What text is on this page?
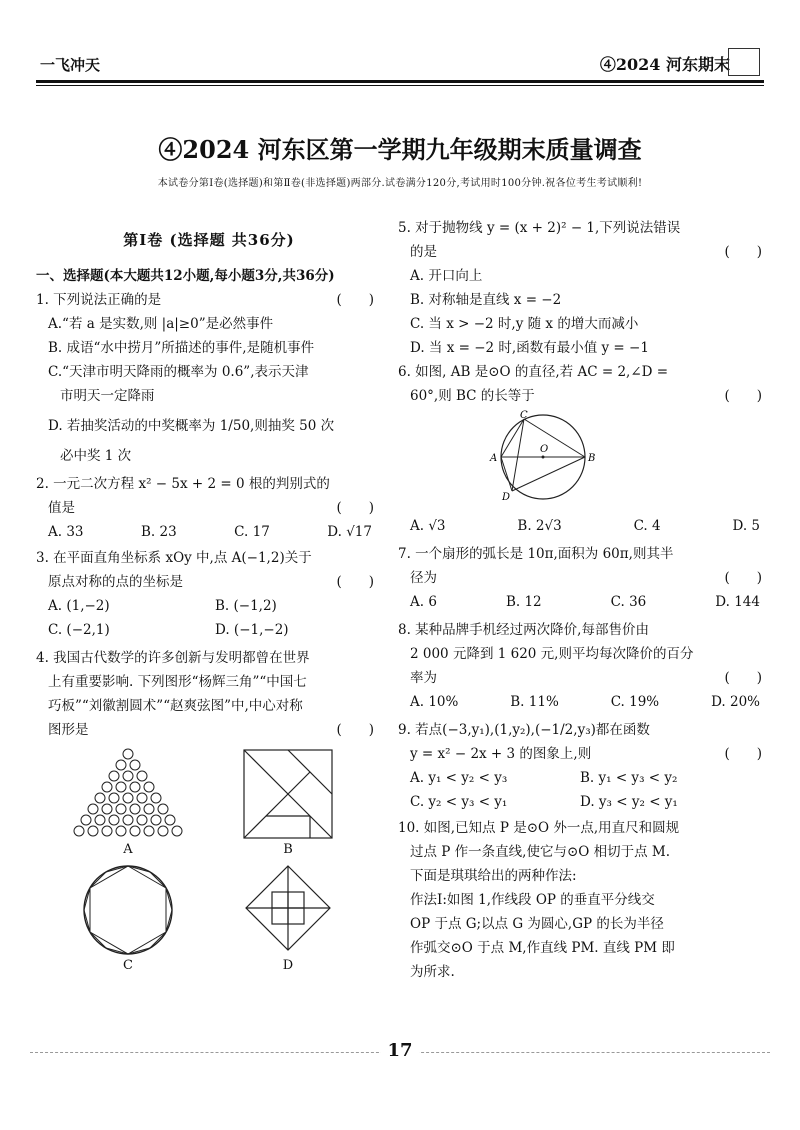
一飞冲天	④2024 河东期末
④2024 河东区第一学期九年级期末质量调查
本试卷分第Ⅰ卷(选择题)和第Ⅱ卷(非选择题)两部分.试卷满分120分,考试用时100分钟.祝各位考生考试顺利!
第Ⅰ卷 (选择题 共36分)
一、选择题(本大题共12小题,每小题3分,共36分)
1. 下列说法正确的是	(　　)
A.“若 a 是实数,则 |a|≥0”是必然事件
B. 成语“水中捞月”所描述的事件,是随机事件
C.“天津市明天降雨的概率为 0.6”,表示天津
市明天一定降雨
D. 若抽奖活动的中奖概率为 1/50,则抽奖 50 次
必中奖 1 次
2. 一元二次方程 x² − 5x + 2 = 0 根的判别式的
值是	(　　)
A. 33	B. 23	C. 17	D. √17
3. 在平面直角坐标系 xOy 中,点 A(−1,2)关于
原点对称的点的坐标是	(　　)
A. (1,−2)	B. (−1,2)
C. (−2,1)	D. (−1,−2)
4. 我国古代数学的许多创新与发明都曾在世界
上有重要影响. 下列图形“杨辉三角”“中国七
巧板”“刘徽割圆术”“赵爽弦图”中,中心对称
图形是	(　　)
A	B
C	D
5. 对于抛物线 y = (x + 2)² − 1,下列说法错误
的是	(　　)
A. 开口向上
B. 对称轴是直线 x = −2
C. 当 x > −2 时,y 随 x 的增大而减小
D. 当 x = −2 时,函数有最小值 y = −1
6. 如图, AB 是⊙O 的直径,若 AC = 2,∠D =
60°,则 BC 的长等于	(　　)
C
A
O
B
D
A. √3	B. 2√3	C. 4	D. 5
7. 一个扇形的弧长是 10π,面积为 60π,则其半
径为	(　　)
A. 6	B. 12	C. 36	D. 144
8. 某种品牌手机经过两次降价,每部售价由
2 000 元降到 1 620 元,则平均每次降价的百分
率为	(　　)
A. 10%	B. 11%	C. 19%	D. 20%
9. 若点(−3,y₁),(1,y₂),(−1/2,y₃)都在函数
y = x² − 2x + 3 的图象上,则	(　　)
A. y₁ < y₂ < y₃	B. y₁ < y₃ < y₂
C. y₂ < y₃ < y₁	D. y₃ < y₂ < y₁
10. 如图,已知点 P 是⊙O 外一点,用直尺和圆规
过点 P 作一条直线,使它与⊙O 相切于点 M.
下面是琪琪给出的两种作法:
作法Ⅰ:如图 1,作线段 OP 的垂直平分线交
OP 于点 G;以点 G 为圆心,GP 的长为半径
作弧交⊙O 于点 M,作直线 PM. 直线 PM 即
为所求.
17
